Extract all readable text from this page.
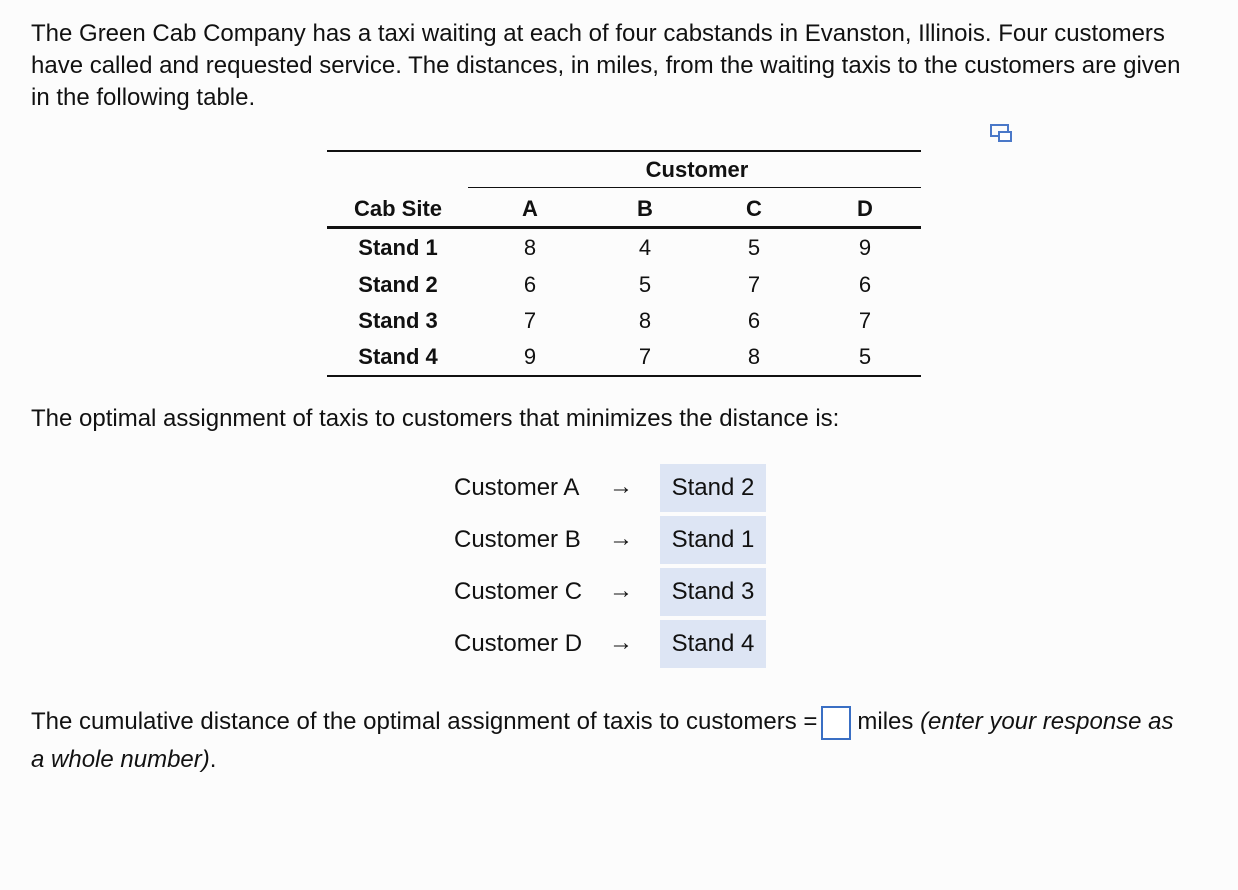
The Green Cab Company has a taxi waiting at each of four cabstands in Evanston, Illinois. Four customers have called and requested service. The distances, in miles, from the waiting taxis to the customers are given in the following table.

Customer
Cab Site	A	B	C	D
Stand 1	8	4	5	9
Stand 2	6	5	7	6
Stand 3	7	8	6	7
Stand 4	9	7	8	5

The optimal assignment of taxis to customers that minimizes the distance is:

Customer A →	Stand 2
Customer B →	Stand 1
Customer C →	Stand 3
Customer D →	Stand 4
The cumulative distance of the optimal assignment of taxis to customers = miles (enter your response as a whole number).
